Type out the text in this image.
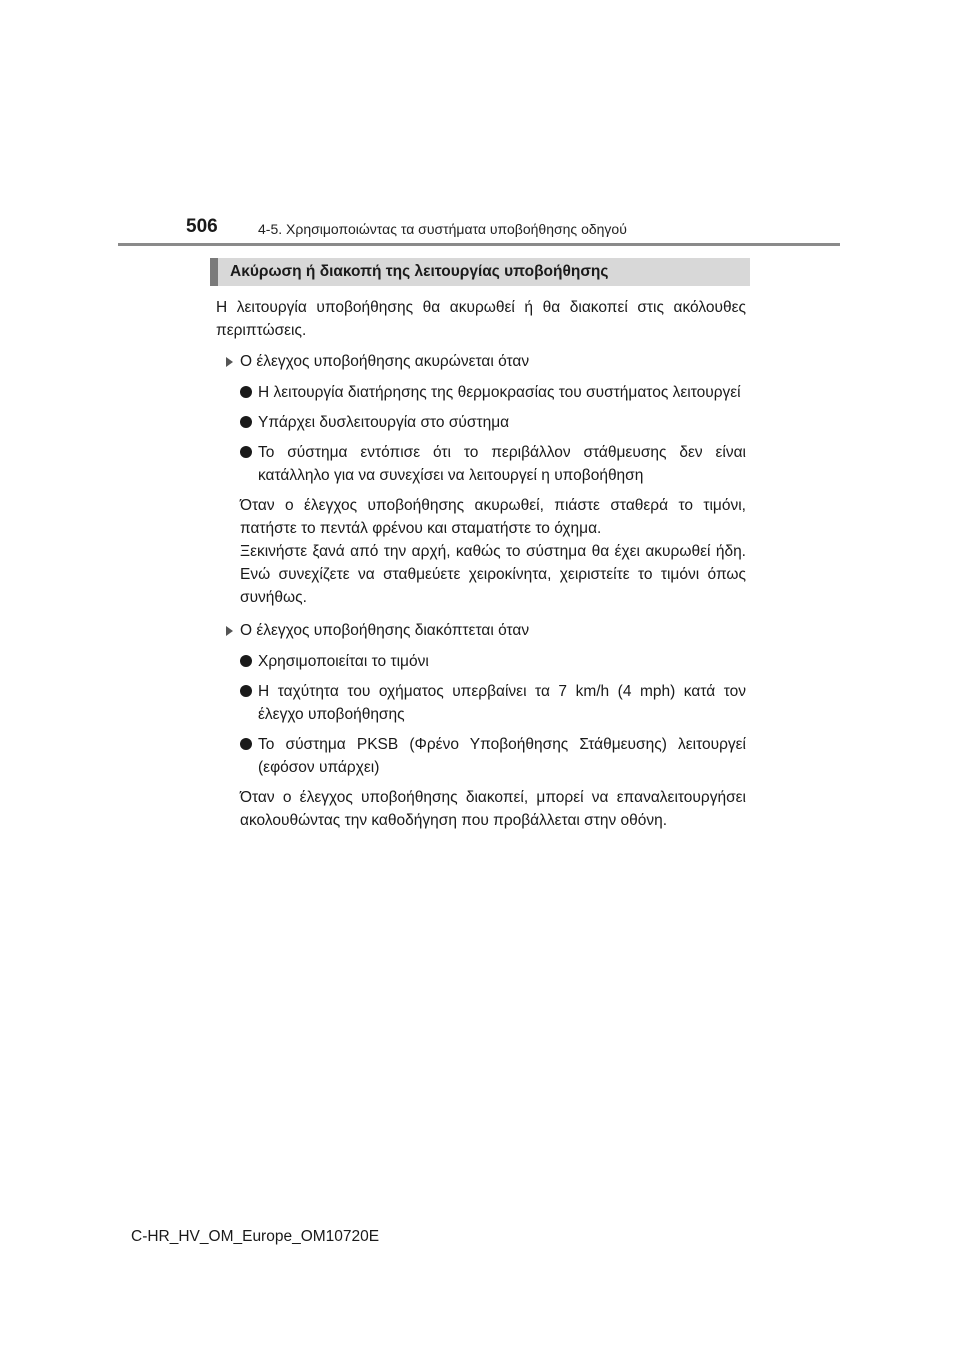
506	4-5. Χρησιμοποιώντας τα συστήματα υποβοήθησης οδηγού
Ακύρωση ή διακοπή της λειτουργίας υποβοήθησης

Η λειτουργία υποβοήθησης θα ακυρωθεί ή θα διακοπεί στις ακόλουθες περιπτώσεις.

Ο έλεγχος υποβοήθησης ακυρώνεται όταν
Η λειτουργία διατήρησης της θερμοκρασίας του συστήματος λειτουργεί
Υπάρχει δυσλειτουργία στο σύστημα
Το σύστημα εντόπισε ότι το περιβάλλον στάθμευσης δεν είναι κατάλληλο για να συνεχίσει να λειτουργεί η υποβοήθηση

Όταν ο έλεγχος υποβοήθησης ακυρωθεί, πιάστε σταθερά το τιμόνι, πατήστε το πεντάλ φρένου και σταματήστε το όχημα.

Ξεκινήστε ξανά από την αρχή, καθώς το σύστημα θα έχει ακυρωθεί ήδη. Ενώ συνεχίζετε να σταθμεύετε χειροκίνητα, χειριστείτε το τιμόνι όπως συνήθως.

Ο έλεγχος υποβοήθησης διακόπτεται όταν
Χρησιμοποιείται το τιμόνι
Η ταχύτητα του οχήματος υπερβαίνει τα 7 km/h (4 mph) κατά τον έλεγχο υποβοήθησης
Το σύστημα PKSB (Φρένο Υποβοήθησης Στάθμευσης) λειτουργεί (εφόσον υπάρχει)

Όταν ο έλεγχος υποβοήθησης διακοπεί, μπορεί να επαναλειτουργήσει ακολουθώντας την καθοδήγηση που προβάλλεται στην οθόνη.

C-HR_HV_OM_Europe_OM10720E
